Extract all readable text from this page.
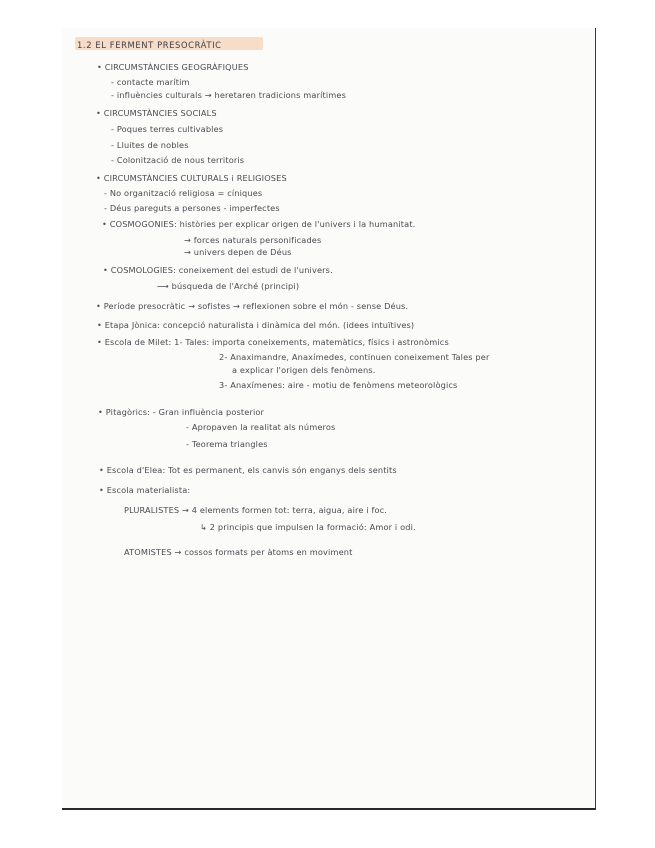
1.2 EL FERMENT PRESOCRÀTIC
• CIRCUMSTÀNCIES GEOGRÀFIQUES
- contacte marítim
- influències culturals → heretaren tradicions marítimes
• CIRCUMSTÀNCIES SOCIALS
- Poques terres cultivables
- Lluites de nobles
- Colonització de nous territoris
• CIRCUMSTÀNCIES CULTURALS i RELIGIOSES
- No organització religiosa = cíniques
- Déus pareguts a persones - imperfectes
• COSMOGONIES: històries per explicar origen de l'univers i la humanitat.
→ forces naturals personificades
→ univers depen de Déus
• COSMOLOGIES: coneixement del estudi de l'univers.
⟶ búsqueda de l'Arché (principi)
• Període presocràtic → sofistes → reflexionen sobre el món - sense Déus.
• Etapa Jònica: concepció naturalista i dinàmica del món. (idees intuïtives)
• Escola de Milet: 1- Tales: importa coneixements, matemàtics, físics i astronòmics
2- Anaximandre, Anaxímedes, continuen coneixement Tales per
a explicar l'origen dels fenòmens.
3- Anaxímenes: aire - motiu de fenòmens meteorològics
• Pitagòrics: - Gran influència posterior
- Apropaven la realitat als números
- Teorema triangles
• Escola d'Elea: Tot es permanent, els canvis són enganys dels sentits
• Escola materialista:
PLURALISTES → 4 elements formen tot: terra, aigua, aire i foc.
↳ 2 principis que impulsen la formació: Amor i odi.
ATOMISTES → cossos formats per àtoms en moviment
